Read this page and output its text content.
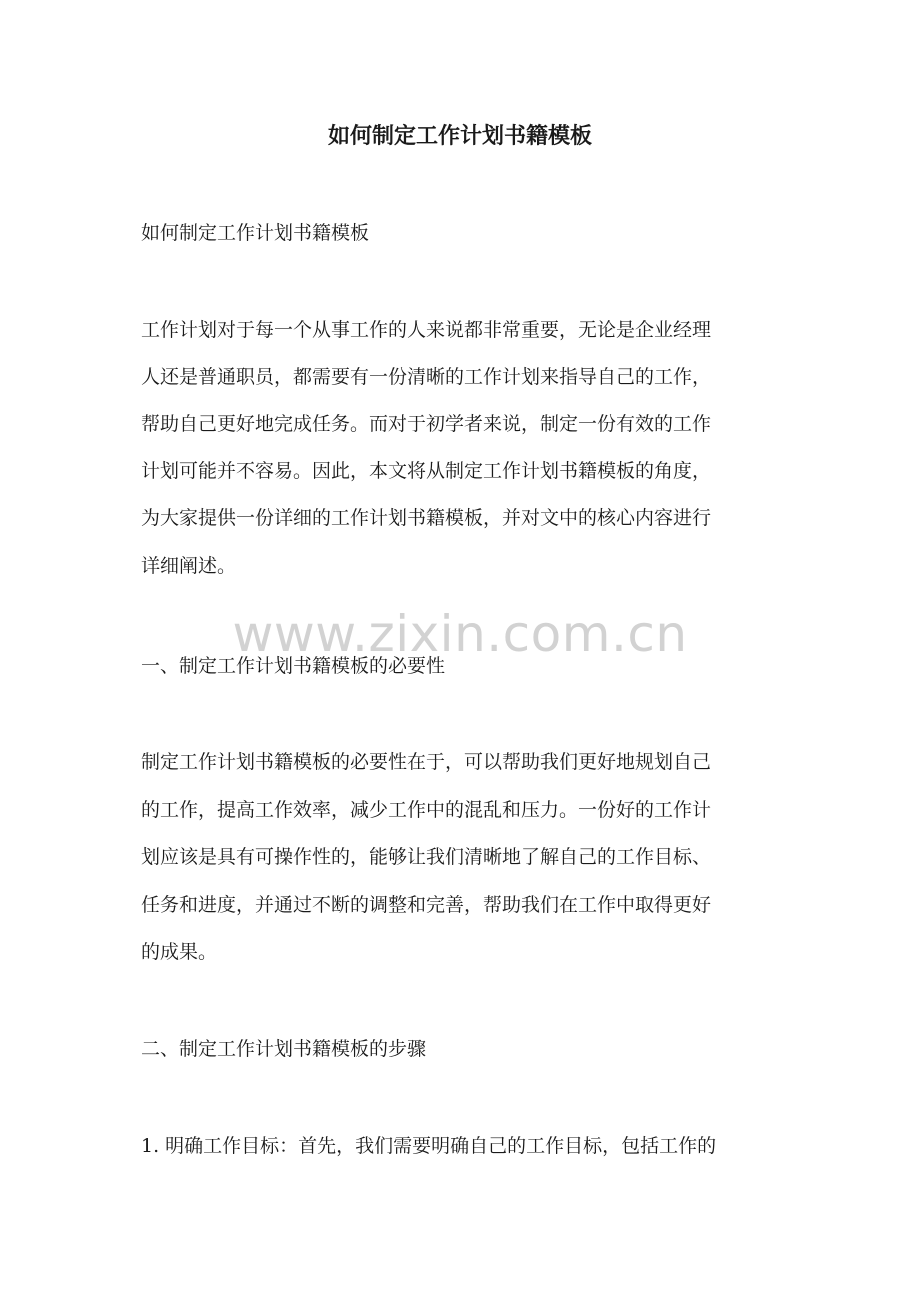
如何制定工作计划书籍模板

如何制定工作计划书籍模板

工作计划对于每一个从事工作的人来说都非常重要，无论是企业经理

人还是普通职员，都需要有一份清晰的工作计划来指导自己的工作，

帮助自己更好地完成任务。而对于初学者来说，制定一份有效的工作

计划可能并不容易。因此，本文将从制定工作计划书籍模板的角度，

为大家提供一份详细的工作计划书籍模板，并对文中的核心内容进行

详细阐述。

www.zixin.com.cn

一、制定工作计划书籍模板的必要性

制定工作计划书籍模板的必要性在于，可以帮助我们更好地规划自己

的工作，提高工作效率，减少工作中的混乱和压力。一份好的工作计

划应该是具有可操作性的，能够让我们清晰地了解自己的工作目标、

任务和进度，并通过不断的调整和完善，帮助我们在工作中取得更好

的成果。

二、制定工作计划书籍模板的步骤

1. 明确工作目标：首先，我们需要明确自己的工作目标，包括工作的
